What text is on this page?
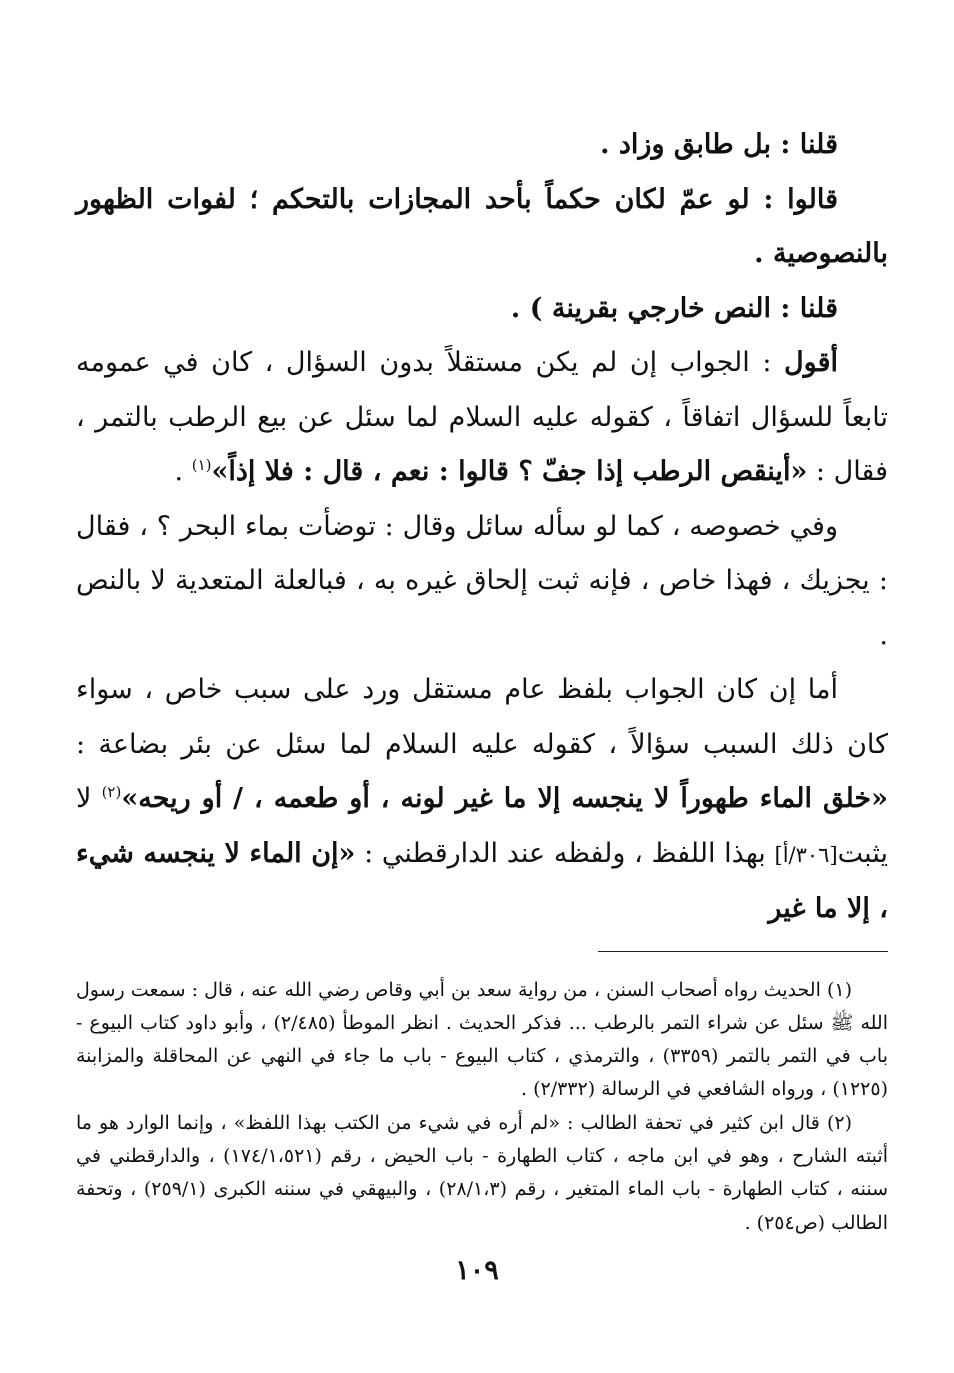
قلنا : بل طابق وزاد .

قالوا : لو عمّ لكان حكماً بأحد المجازات بالتحكم ؛ لفوات الظهور بالنصوصية .

قلنا : النص خارجي بقرينة ) .

أقول : الجواب إن لم يكن مستقلاً بدون السؤال ، كان في عمومه تابعاً للسؤال اتفاقاً ، كقوله عليه السلام لما سئل عن بيع الرطب بالتمر ، فقال : «أينقص الرطب إذا جفّ ؟ قالوا : نعم ، قال : فلا إذاً»$^{(١)}$ .

وفي خصوصه ، كما لو سأله سائل وقال : توضأت بماء البحر ؟ ، فقال : يجزيك ، فهذا خاص ، فإنه ثبت إلحاق غيره به ، فبالعلة المتعدية لا بالنص .

أما إن كان الجواب بلفظ عام مستقل ورد على سبب خاص ، سواء كان ذلك السبب سؤالاً ، كقوله عليه السلام لما سئل عن بئر بضاعة : «خلق الماء طهوراً لا ينجسه إلا ما غير لونه ، أو طعمه ، / أو ريحه»$^{(٢)}$ لا يثبت[٣٠٦/أ] بهذا اللفظ ، ولفظه عند الدارقطني : «إن الماء لا ينجسه شيء ، إلا ما غير

(١) الحديث رواه أصحاب السنن ، من رواية سعد بن أبي وقاص رضي الله عنه ، قال : سمعت رسول الله ﷺ سئل عن شراء التمر بالرطب ... فذكر الحديث . انظر الموطأ (٢/٤٨٥) ، وأبو داود كتاب البيوع - باب في التمر بالتمر (٣٣٥٩) ، والترمذي ، كتاب البيوع - باب ما جاء في النهي عن المحاقلة والمزابنة (١٢٢٥) ، ورواه الشافعي في الرسالة (٢/٣٣٢) .

(٢) قال ابن كثير في تحفة الطالب : «لم أره في شيء من الكتب بهذا اللفظ» ، وإنما الوارد هو ما أثبته الشارح ، وهو في ابن ماجه ، كتاب الطهارة - باب الحيض ، رقم (١٧٤/١،٥٢١) ، والدارقطني في سننه ، كتاب الطهارة - باب الماء المتغير ، رقم (٢٨/١،٣) ، والبيهقي في سننه الكبرى (٢٥٩/١) ، وتحفة الطالب (ص٢٥٤) .

١٠٩
